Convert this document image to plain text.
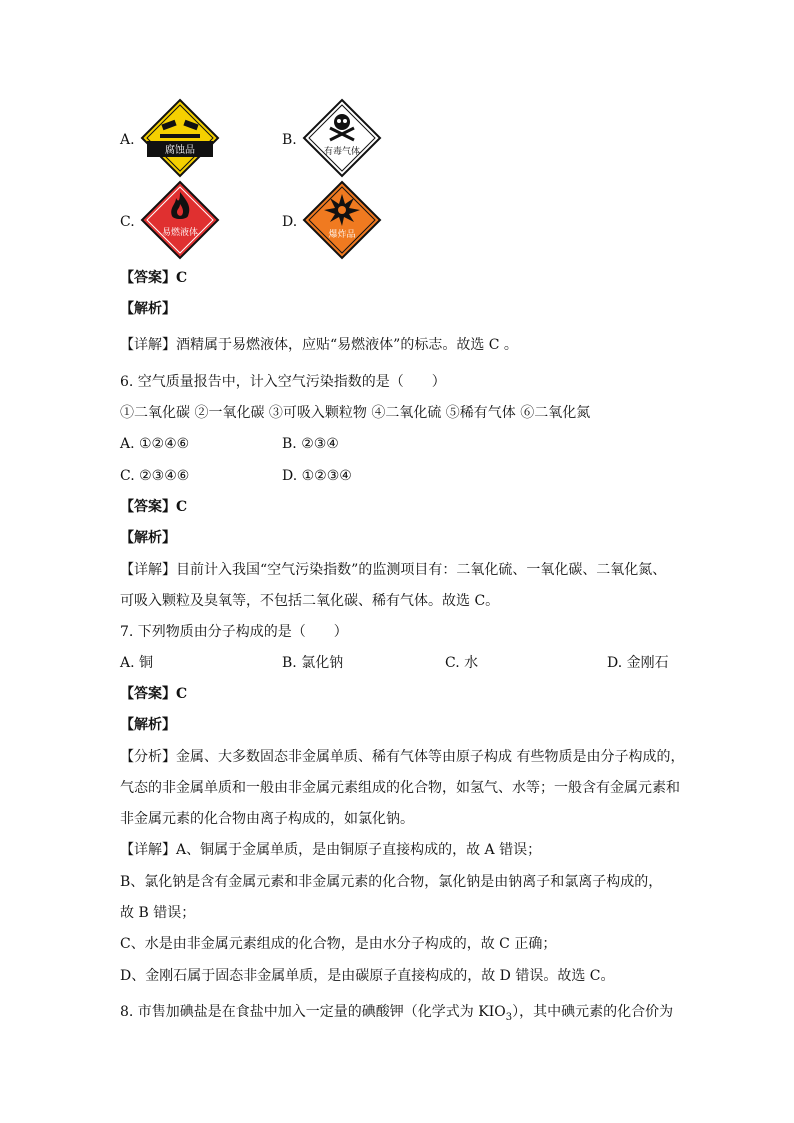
A.
腐蚀品
B.
有毒气体
C.
易燃液体
D.
爆炸品
【答案】C
【解析】
【详解】酒精属于易燃液体，应贴“易燃液体”的标志。故选 C 。
6. 空气质量报告中，计入空气污染指数的是（　　）
①二氧化碳 ②一氧化碳 ③可吸入颗粒物 ④二氧化硫 ⑤稀有气体 ⑥二氧化氮
A. ①②④⑥	B. ②③④
C. ②③④⑥	D. ①②③④
【答案】C
【解析】
【详解】目前计入我国“空气污染指数”的监测项目有：二氧化硫、一氧化碳、二氧化氮、
可吸入颗粒及臭氧等，不包括二氧化碳、稀有气体。故选 C。
7. 下列物质由分子构成的是（　　）
A. 铜	B. 氯化钠	C. 水	D. 金刚石
【答案】C
【解析】
【分析】金属、大多数固态非金属单质、稀有气体等由原子构成 有些物质是由分子构成的，
气态的非金属单质和一般由非金属元素组成的化合物，如氢气、水等；一般含有金属元素和
非金属元素的化合物由离子构成的，如氯化钠。
【详解】A、铜属于金属单质，是由铜原子直接构成的，故 A 错误；
B、氯化钠是含有金属元素和非金属元素的化合物，氯化钠是由钠离子和氯离子构成的，
故 B 错误；
C、水是由非金属元素组成的化合物，是由水分子构成的，故 C 正确；
D、金刚石属于固态非金属单质，是由碳原子直接构成的，故 D 错误。故选 C。
8. 市售加碘盐是在食盐中加入一定量的碘酸钾（化学式为 $KIO_3$），其中碘元素的化合价为
